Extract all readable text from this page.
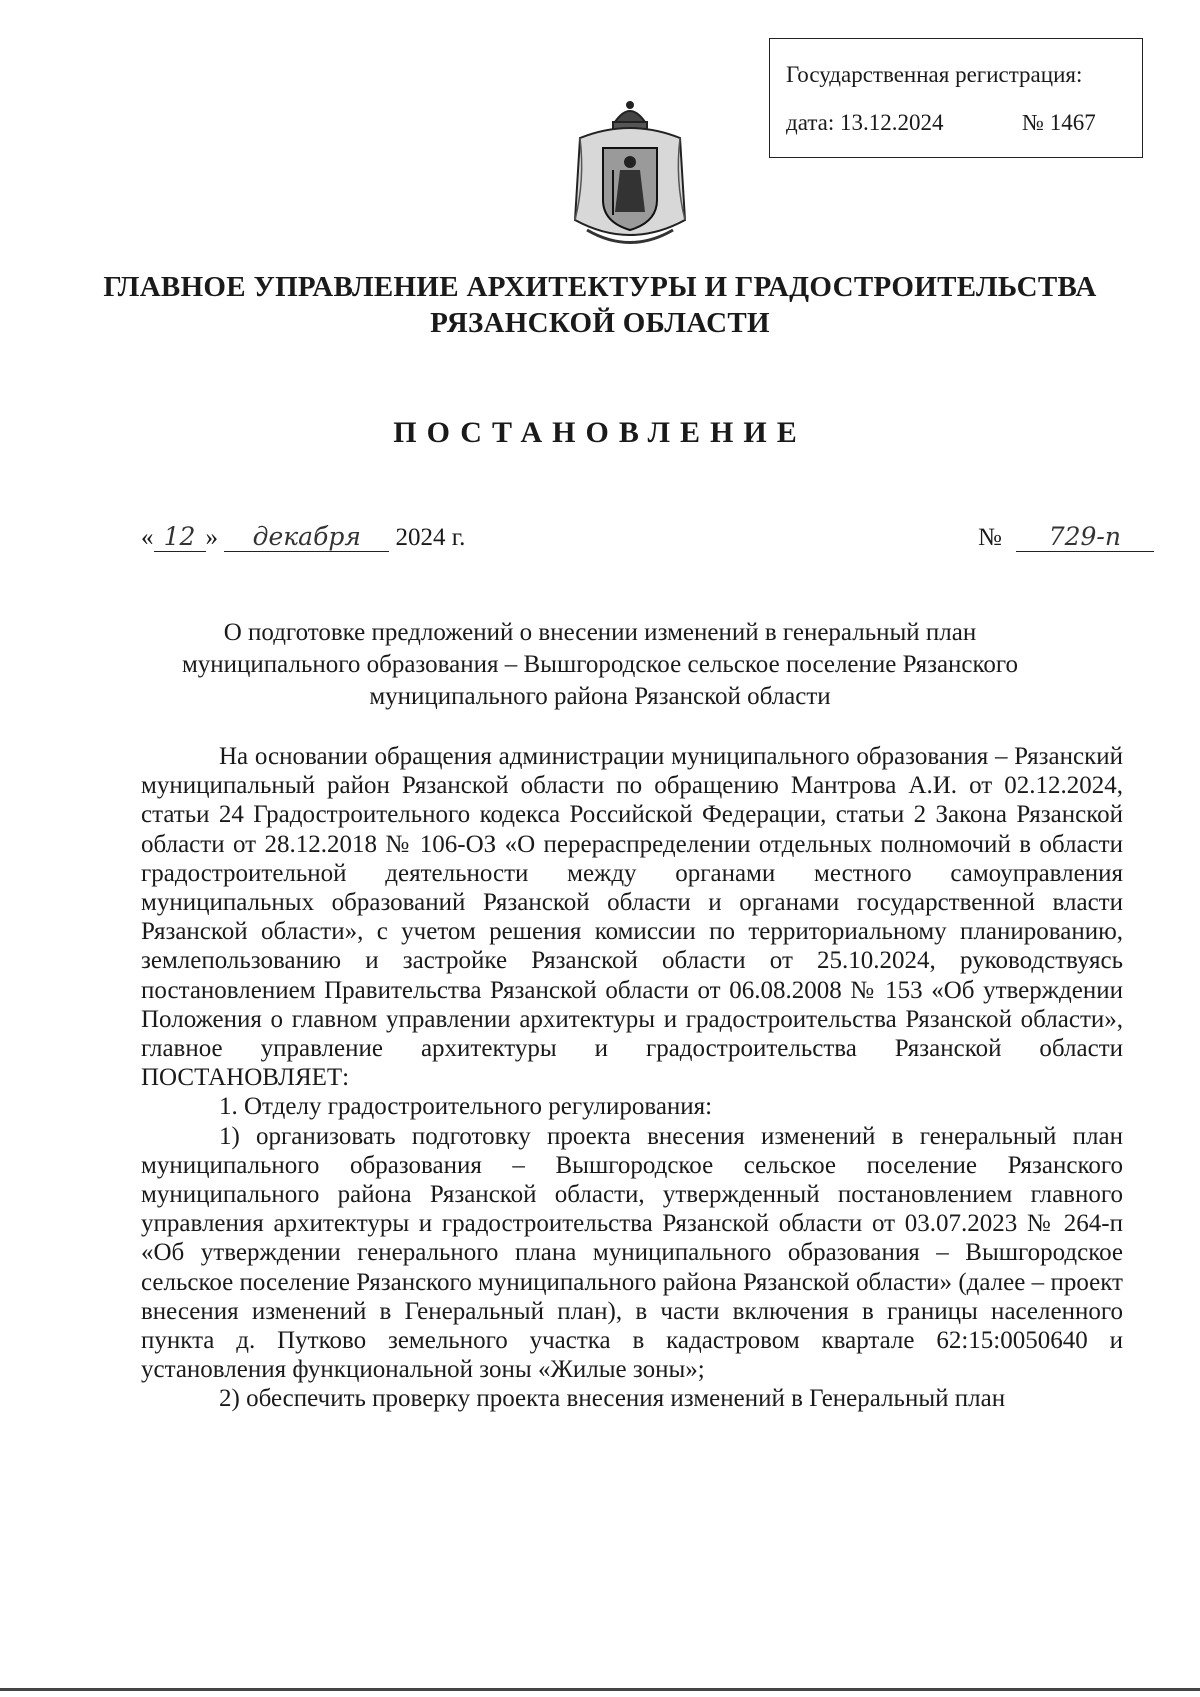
Государственная регистрация:
дата: 13.12.2024	№ 1467
ГЛАВНОЕ УПРАВЛЕНИЕ АРХИТЕКТУРЫ И ГРАДОСТРОИТЕЛЬСТВА
РЯЗАНСКОЙ ОБЛАСТИ
ПОСТАНОВЛЕНИЕ
« 12 » декабря 2024 г.	№ 729-п
О подготовке предложений о внесении изменений в генеральный план
муниципального образования – Вышгородское сельское поселение Рязанского
муниципального района Рязанской области

На основании обращения администрации муниципального образования – Рязанский муниципальный район Рязанской области по обращению Мантрова А.И. от 02.12.2024, статьи 24 Градостроительного кодекса Российской Федерации, статьи 2 Закона Рязанской области от 28.12.2018 № 106-ОЗ «О перераспределении отдельных полномочий в области градостроительной деятельности между органами местного самоуправления муниципальных образований Рязанской области и органами государственной власти Рязанской области», с учетом решения комиссии по территориальному планированию, землепользованию и застройке Рязанской области от 25.10.2024, руководствуясь постановлением Правительства Рязанской области от 06.08.2008 № 153 «Об утверждении Положения о главном управлении архитектуры и градостроительства Рязанской области», главное управление архитектуры и градостроительства Рязанской области ПОСТАНОВЛЯЕТ:

1. Отделу градостроительного регулирования:

1) организовать подготовку проекта внесения изменений в генеральный план муниципального образования – Вышгородское сельское поселение Рязанского муниципального района Рязанской области, утвержденный постановлением главного управления архитектуры и градостроительства Рязанской области от 03.07.2023 № 264-п «Об утверждении генерального плана муниципального образования – Вышгородское сельское поселение Рязанского муниципального района Рязанской области» (далее – проект внесения изменений в Генеральный план), в части включения в границы населенного пункта д. Путково земельного участка в кадастровом квартале 62:15:0050640 и установления функциональной зоны «Жилые зоны»;

2) обеспечить проверку проекта внесения изменений в Генеральный план
